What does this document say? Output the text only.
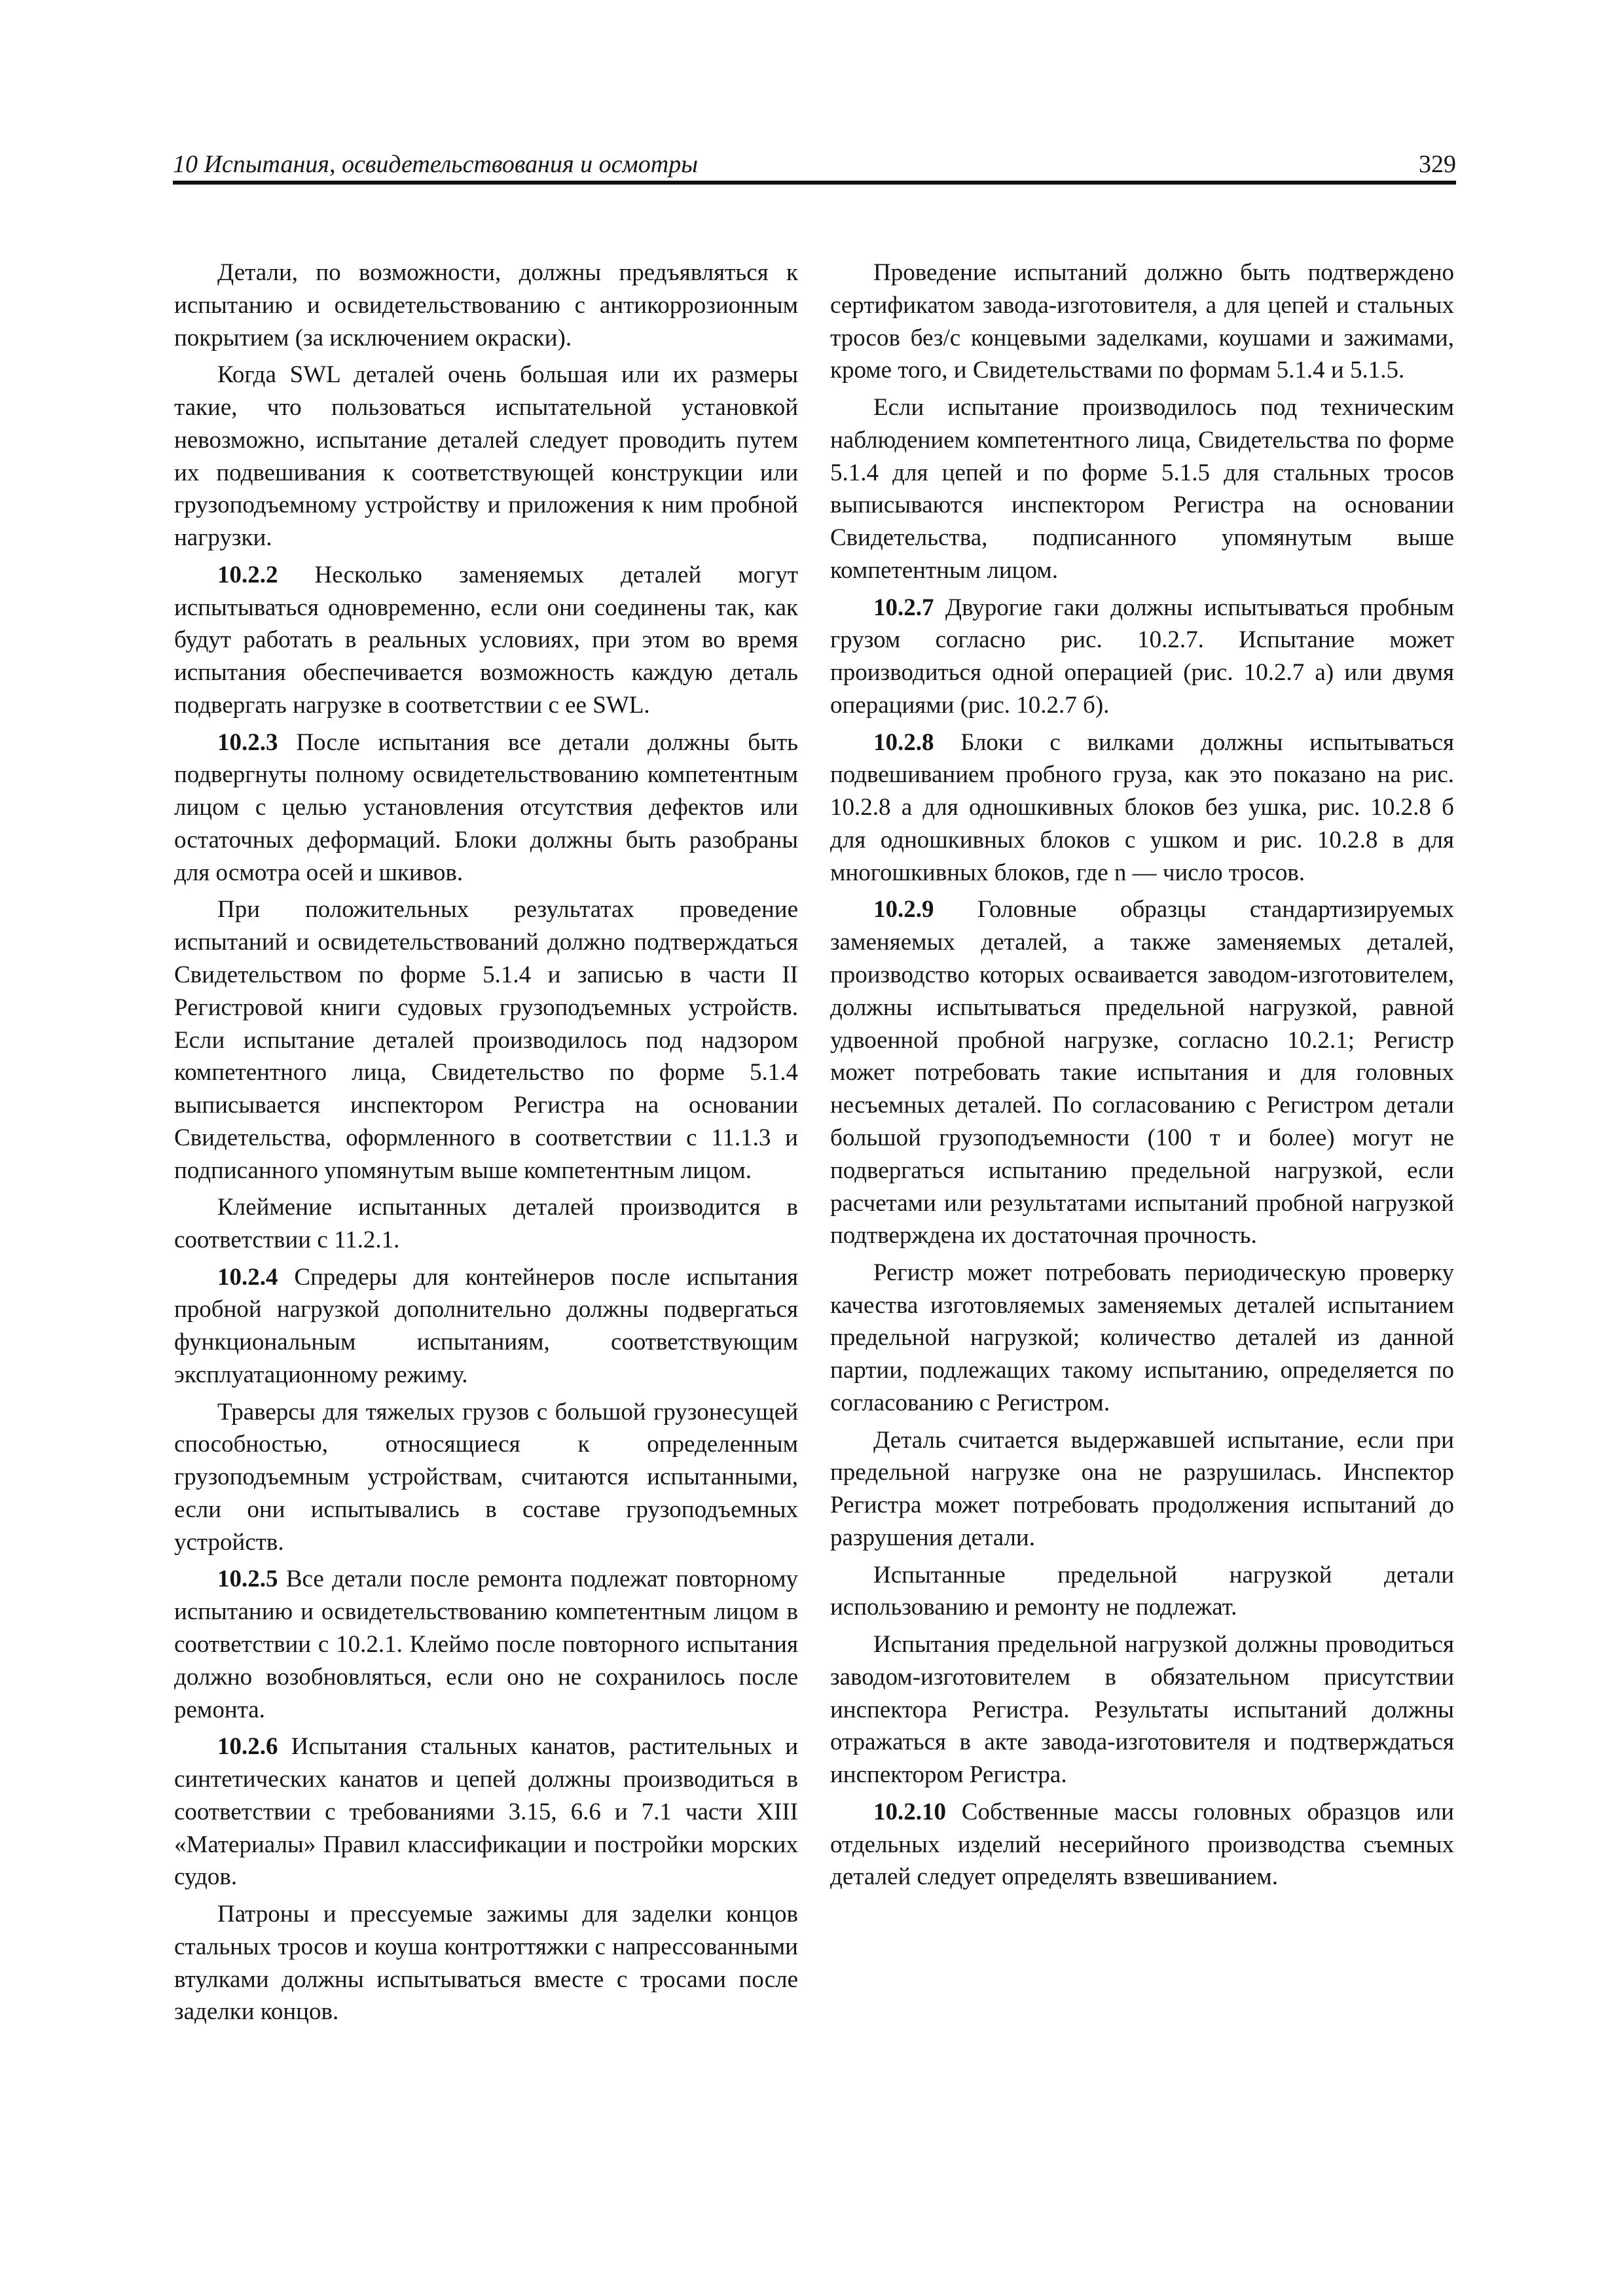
10 Испытания, освидетельствования и осмотры	329

Детали, по возможности, должны предъявляться к испытанию и освидетельствованию с антикоррозионным покрытием (за исключением окраски).

Когда SWL деталей очень большая или их размеры такие, что пользоваться испытательной установкой невозможно, испытание деталей следует проводить путем их подвешивания к соответствующей конструкции или грузоподъемному устройству и приложения к ним пробной нагрузки.

10.2.2 Несколько заменяемых деталей могут испытываться одновременно, если они соединены так, как будут работать в реальных условиях, при этом во время испытания обеспечивается возможность каждую деталь подвергать нагрузке в соответствии с ее SWL.

10.2.3 После испытания все детали должны быть подвергнуты полному освидетельствованию компетентным лицом с целью установления отсутствия дефектов или остаточных деформаций. Блоки должны быть разобраны для осмотра осей и шкивов.

При положительных результатах проведение испытаний и освидетельствований должно подтверждаться Свидетельством по форме 5.1.4 и записью в части II Регистровой книги судовых грузоподъемных устройств. Если испытание деталей производилось под надзором компетентного лица, Свидетельство по форме 5.1.4 выписывается инспектором Регистра на основании Свидетельства, оформленного в соответствии с 11.1.3 и подписанного упомянутым выше компетентным лицом.

Клеймение испытанных деталей производится в соответствии с 11.2.1.

10.2.4 Спредеры для контейнеров после испытания пробной нагрузкой дополнительно должны подвергаться функциональным испытаниям, соответствующим эксплуатационному режиму.

Траверсы для тяжелых грузов с большой грузонесущей способностью, относящиеся к определенным грузоподъемным устройствам, считаются испытанными, если они испытывались в составе грузоподъемных устройств.

10.2.5 Все детали после ремонта подлежат повторному испытанию и освидетельствованию компетентным лицом в соответствии с 10.2.1. Клеймо после повторного испытания должно возобновляться, если оно не сохранилось после ремонта.

10.2.6 Испытания стальных канатов, растительных и синтетических канатов и цепей должны производиться в соответствии с требованиями 3.15, 6.6 и 7.1 части XIII «Материалы» Правил классификации и постройки морских судов.

Патроны и прессуемые зажимы для заделки концов стальных тросов и коуша контроттяжки с напрессованными втулками должны испытываться вместе с тросами после заделки концов.

Проведение испытаний должно быть подтверждено сертификатом завода-изготовителя, а для цепей и стальных тросов без/с концевыми заделками, коушами и зажимами, кроме того, и Свидетельствами по формам 5.1.4 и 5.1.5.

Если испытание производилось под техническим наблюдением компетентного лица, Свидетельства по форме 5.1.4 для цепей и по форме 5.1.5 для стальных тросов выписываются инспектором Регистра на основании Свидетельства, подписанного упомянутым выше компетентным лицом.

10.2.7 Двурогие гаки должны испытываться пробным грузом согласно рис. 10.2.7. Испытание может производиться одной операцией (рис. 10.2.7 а) или двумя операциями (рис. 10.2.7 б).

10.2.8 Блоки с вилками должны испытываться подвешиванием пробного груза, как это показано на рис. 10.2.8 а для одношкивных блоков без ушка, рис. 10.2.8 б для одношкивных блоков с ушком и рис. 10.2.8 в для многошкивных блоков, где n — число тросов.

10.2.9 Головные образцы стандартизируемых заменяемых деталей, а также заменяемых деталей, производство которых осваивается заводом-изготовителем, должны испытываться предельной нагрузкой, равной удвоенной пробной нагрузке, согласно 10.2.1; Регистр может потребовать такие испытания и для головных несъемных деталей. По согласованию с Регистром детали большой грузоподъемности (100 т и более) могут не подвергаться испытанию предельной нагрузкой, если расчетами или результатами испытаний пробной нагрузкой подтверждена их достаточная прочность.

Регистр может потребовать периодическую проверку качества изготовляемых заменяемых деталей испытанием предельной нагрузкой; количество деталей из данной партии, подлежащих такому испытанию, определяется по согласованию с Регистром.

Деталь считается выдержавшей испытание, если при предельной нагрузке она не разрушилась. Инспектор Регистра может потребовать продолжения испытаний до разрушения детали.

Испытанные предельной нагрузкой детали использованию и ремонту не подлежат.

Испытания предельной нагрузкой должны проводиться заводом-изготовителем в обязательном присутствии инспектора Регистра. Результаты испытаний должны отражаться в акте завода-изготовителя и подтверждаться инспектором Регистра.

10.2.10 Собственные массы головных образцов или отдельных изделий несерийного производства съемных деталей следует определять взвешиванием.
